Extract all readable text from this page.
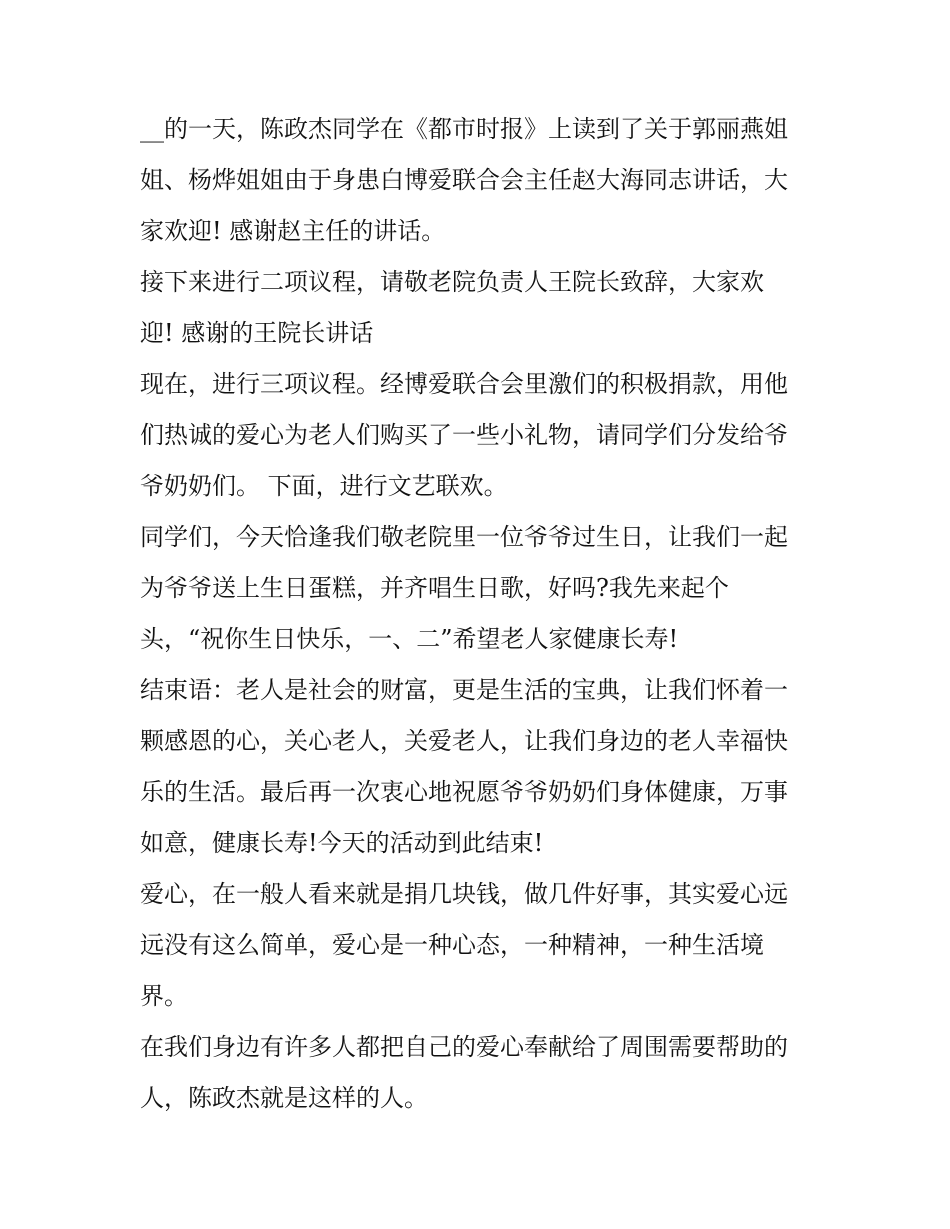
__的一天，陈政杰同学在《都市时报》上读到了关于郭丽燕姐
姐、杨烨姐姐由于身患白博爱联合会主任赵大海同志讲话，大
家欢迎! 感谢赵主任的讲话。

接下来进行二项议程，请敬老院负责人王院长致辞，大家欢
迎! 感谢的王院长讲话

现在，进行三项议程。经博爱联合会里激们的积极捐款，用他
们热诚的爱心为老人们购买了一些小礼物，请同学们分发给爷
爷奶奶们。 下面，进行文艺联欢。

同学们，今天恰逢我们敬老院里一位爷爷过生日，让我们一起
为爷爷送上生日蛋糕，并齐唱生日歌，好吗?我先来起个
头，“祝你生日快乐，一、二”希望老人家健康长寿!

结束语：老人是社会的财富，更是生活的宝典，让我们怀着一
颗感恩的心，关心老人，关爱老人，让我们身边的老人幸福快
乐的生活。最后再一次衷心地祝愿爷爷奶奶们身体健康，万事
如意，健康长寿!今天的活动到此结束!

爱心，在一般人看来就是捐几块钱，做几件好事，其实爱心远
远没有这么简单，爱心是一种心态，一种精神，一种生活境
界。

在我们身边有许多人都把自己的爱心奉献给了周围需要帮助的
人，陈政杰就是这样的人。
